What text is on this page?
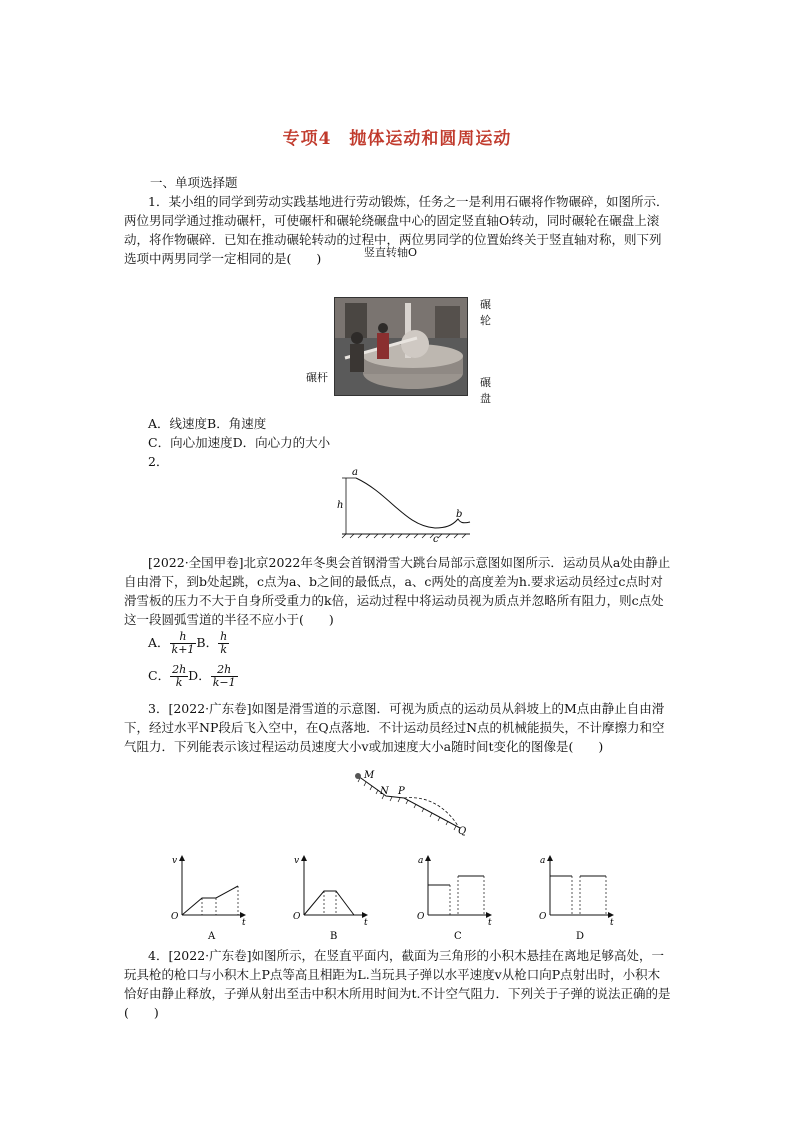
专项4　抛体运动和圆周运动

一、单项选择题

1．某小组的同学到劳动实践基地进行劳动锻炼，任务之一是利用石碾将作物碾碎，如图所示．两位男同学通过推动碾杆，可使碾杆和碾轮绕碾盘中心的固定竖直轴O转动，同时碾轮在碾盘上滚动，将作物碾碎．已知在推动碾轮转动的过程中，两位男同学的位置始终关于竖直轴对称，则下列选项中两男同学一定相同的是(　　)	竖直转轴O
碾轮
碾杆	碾盘

A．线速度B．角速度

C．向心加速度D．向心力的大小

2．

a
h
b
c

[2022·全国甲卷]北京2022年冬奥会首钢滑雪大跳台局部示意图如图所示．运动员从a处由静止自由滑下，到b处起跳，c点为a、b之间的最低点，a、c两处的高度差为h.要求运动员经过c点时对滑雪板的压力不大于自身所受重力的k倍，运动过程中将运动员视为质点并忽略所有阻力，则c点处这一段圆弧雪道的半径不应小于(　　)

A． $\frac{h}{k+1}$ B． $\frac{h}{k}$
C． $\frac{2h}{k}$ D． $\frac{2h}{k-1}$

3．[2022·广东卷]如图是滑雪道的示意图．可视为质点的运动员从斜坡上的M点由静止自由滑下，经过水平NP段后飞入空中，在Q点落地．不计运动员经过N点的机械能损失，不计摩擦力和空气阻力．下列能表示该过程运动员速度大小v或加速度大小a随时间t变化的图像是(　　)

M
N P
Q
v
t
O
A
v
t
O
B
a
t
O
C
a
t
O
D

4．[2022·广东卷]如图所示，在竖直平面内，截面为三角形的小积木悬挂在离地足够高处，一玩具枪的枪口与小积木上P点等高且相距为L.当玩具子弹以水平速度v从枪口向P点射出时，小积木恰好由静止释放，子弹从射出至击中积木所用时间为t.不计空气阻力．下列关于子弹的说法正确的是(　　)
